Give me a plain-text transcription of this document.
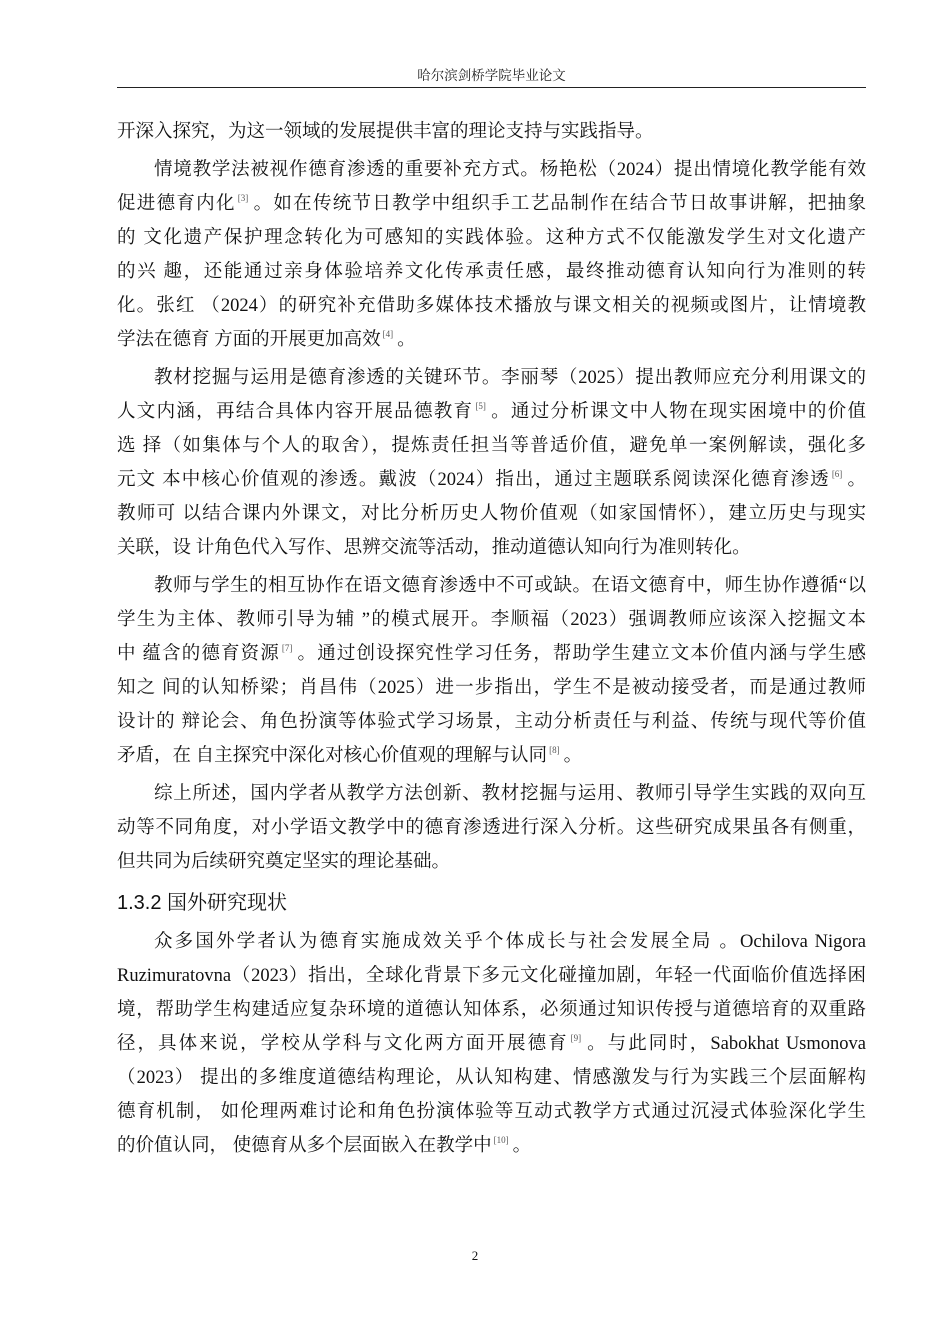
哈尔滨剑桥学院毕业论文
开深入探究，为这一领域的发展提供丰富的理论支持与实践指导。
情境教学法被视作德育渗透的重要补充方式。杨艳松（2024）提出情境化教学能有效
促进德育内化 [3] 。如在传统节日教学中组织手工艺品制作在结合节日故事讲解，把抽象
的 文化遗产保护理念转化为可感知的实践体验。这种方式不仅能激发学生对文化遗产
的兴 趣，还能通过亲身体验培养文化传承责任感，最终推动德育认知向行为准则的转
化。张红 （2024）的研究补充借助多媒体技术播放与课文相关的视频或图片，让情境教
学法在德育 方面的开展更加高效 [4] 。
教材挖掘与运用是德育渗透的关键环节。李丽琴（2025）提出教师应充分利用课文的
人文内涵，再结合具体内容开展品德教育 [5] 。通过分析课文中人物在现实困境中的价值
选 择（如集体与个人的取舍），提炼责任担当等普适价值，避免单一案例解读，强化多
元文 本中核心价值观的渗透。戴波（2024）指出，通过主题联系阅读深化德育渗透 [6] 。
教师可 以结合课内外课文，对比分析历史人物价值观（如家国情怀），建立历史与现实
关联，设 计角色代入写作、思辨交流等活动，推动道德认知向行为准则转化。
教师与学生的相互协作在语文德育渗透中不可或缺。在语文德育中，师生协作遵循“以
学生为主体、教师引导为辅 ”的模式展开。李顺福（2023）强调教师应该深入挖掘文本
中 蕴含的德育资源 [7] 。通过创设探究性学习任务，帮助学生建立文本价值内涵与学生感
知之 间的认知桥梁；肖昌伟（2025）进一步指出，学生不是被动接受者，而是通过教师
设计的 辩论会、角色扮演等体验式学习场景，主动分析责任与利益、传统与现代等价值
矛盾，在 自主探究中深化对核心价值观的理解与认同 [8] 。
综上所述，国内学者从教学方法创新、教材挖掘与运用、教师引导学生实践的双向互
动等不同角度，对小学语文教学中的德育渗透进行深入分析。这些研究成果虽各有侧重，
但共同为后续研究奠定坚实的理论基础。
1.3.2 国外研究现状
众多国外学者认为德育实施成效关乎个体成长与社会发展全局 。Ochilova Nigora
Ruzimuratovna（2023）指出，全球化背景下多元文化碰撞加剧，年轻一代面临价值选择困
境，帮助学生构建适应复杂环境的道德认知体系，必须通过知识传授与道德培育的双重路
径，具体来说，学校从学科与文化两方面开展德育 [9] 。与此同时，Sabokhat Usmonova
（2023） 提出的多维度道德结构理论，从认知构建、情感激发与行为实践三个层面解构
德育机制， 如伦理两难讨论和角色扮演体验等互动式教学方式通过沉浸式体验深化学生
的价值认同， 使德育从多个层面嵌入在教学中 [10] 。
2
